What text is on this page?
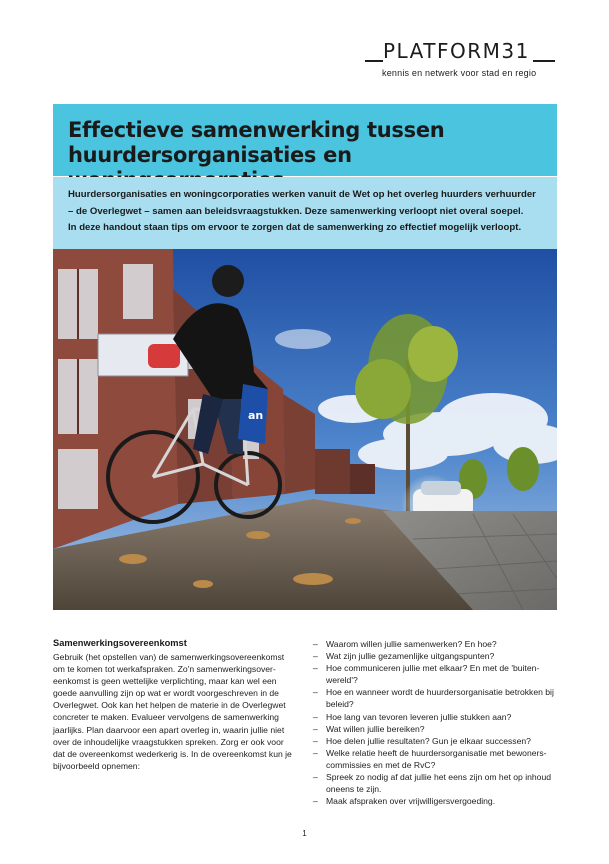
PLATFORM31
kennis en netwerk voor stad en regio
Effectieve samenwerking tussen
huurdersorganisaties en

Huurdersorganisaties en woningcorporaties werken vanuit de Wet op het overleg huurders verhuurder
– de Overlegwet – samen aan beleidsvraagstukken. Deze samenwerking verloopt niet overal soepel.
In deze handout staan tips om ervoor te zorgen dat de samenwerking zo effectief mogelijk verloopt.

an
Samenwerkingsovereenkomst

Gebruik (het opstellen van) de samenwerkingsovereenkomst
om te komen tot werkafspraken. Zo'n samenwerkingsover-
eenkomst is geen wettelijke verplichting, maar kan wel een
goede aanvulling zijn op wat er wordt voorgeschreven in de
Overlegwet. Ook kan het helpen de materie in de Overlegwet
concreter te maken. Evalueer vervolgens de samenwerking
jaarlijks. Plan daarvoor een apart overleg in, waarin jullie niet
over de inhoudelijke vraagstukken spreken. Zorg er ook voor
dat de overeenkomst wederkerig is. In de overeenkomst kun je
bijvoorbeeld opnemen:

– Waarom willen jullie samenwerken? En hoe?
– Wat zijn jullie gezamenlijke uitgangspunten?
– Hoe communiceren jullie met elkaar? En met de 'buiten-
wereld'?
– Hoe en wanneer wordt de huurdersorganisatie betrokken bij
beleid?
– Hoe lang van tevoren leveren jullie stukken aan?
– Wat willen jullie bereiken?
– Hoe delen jullie resultaten? Gun je elkaar successen?
– Welke relatie heeft de huurdersorganisatie met bewoners-
commissies en met de RvC?
– Spreek zo nodig af dat jullie het eens zijn om het op inhoud
oneens te zijn.
– Maak afspraken over vrijwilligersvergoeding.
1
